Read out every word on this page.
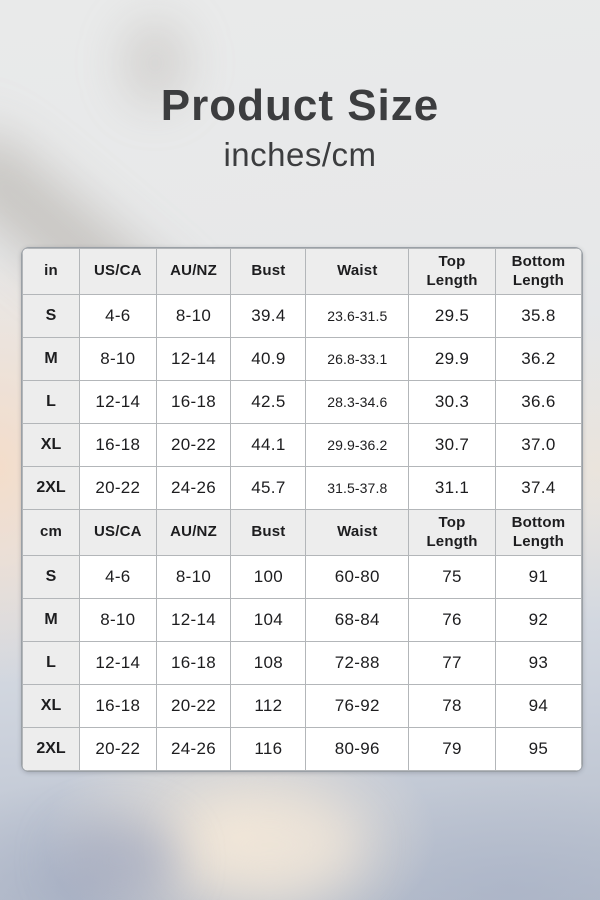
Product Size
inches/cm
in	US/CA	AU/NZ	Bust	Waist	Top Length	Bottom Length
S	4-6	8-10	39.4	23.6-31.5	29.5	35.8
M	8-10	12-14	40.9	26.8-33.1	29.9	36.2
L	12-14	16-18	42.5	28.3-34.6	30.3	36.6
XL	16-18	20-22	44.1	29.9-36.2	30.7	37.0
2XL	20-22	24-26	45.7	31.5-37.8	31.1	37.4
cm	US/CA	AU/NZ	Bust	Waist	Top Length	Bottom Length
S	4-6	8-10	100	60-80	75	91
M	8-10	12-14	104	68-84	76	92
L	12-14	16-18	108	72-88	77	93
XL	16-18	20-22	112	76-92	78	94
2XL	20-22	24-26	116	80-96	79	95
